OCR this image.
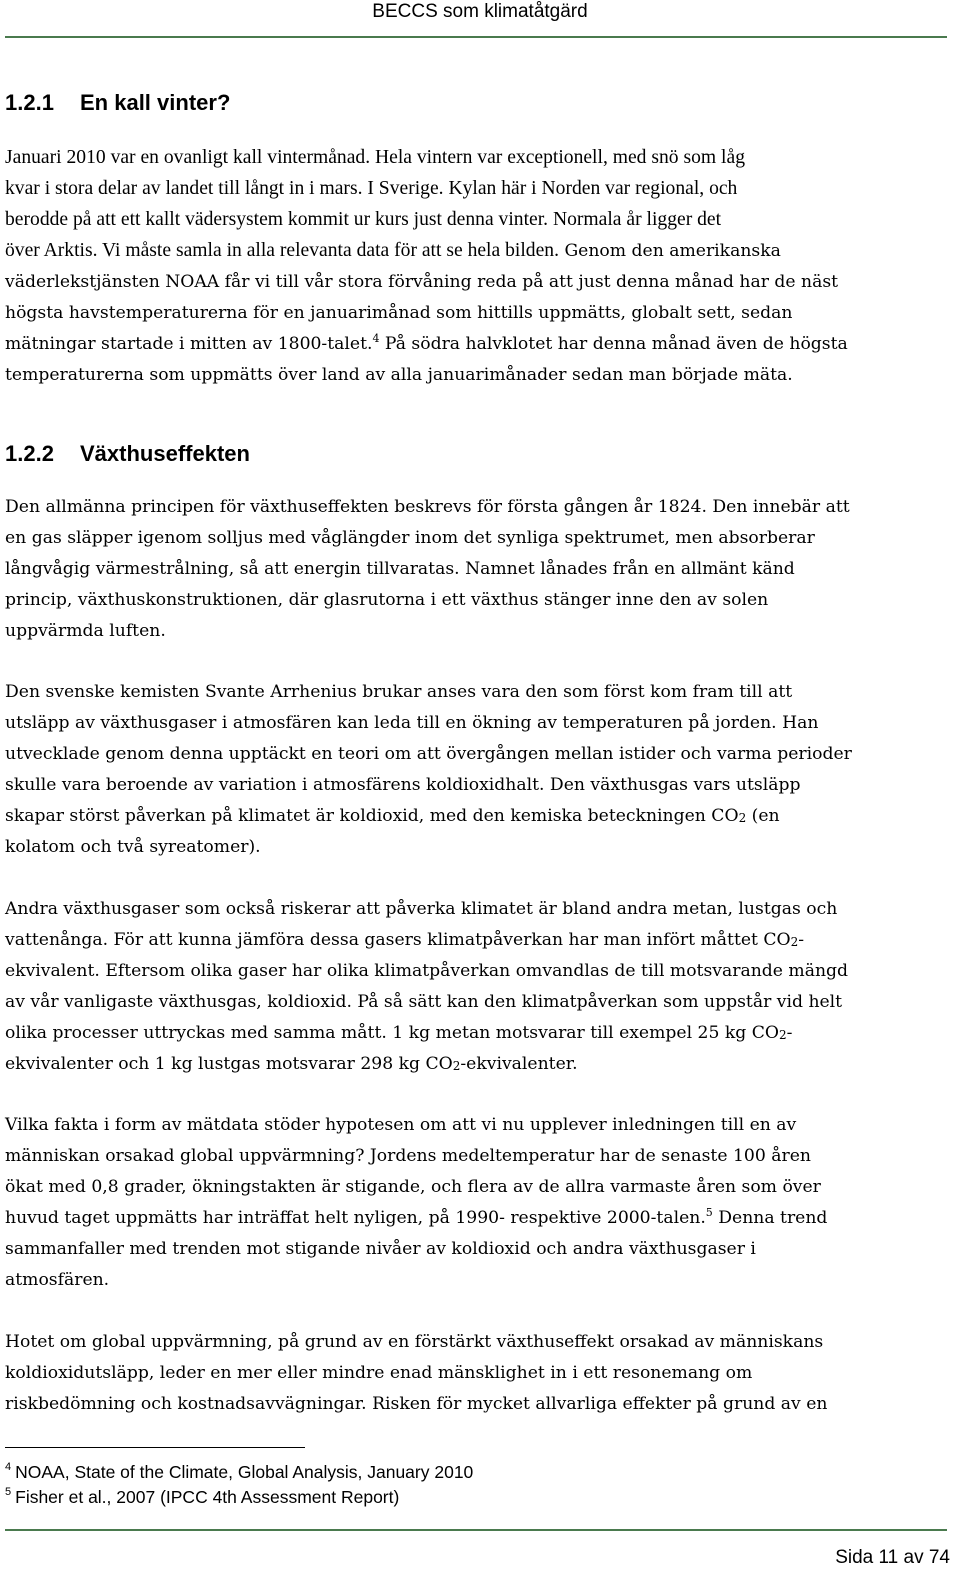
BECCS som klimatåtgärd
1.2.1 En kall vinter?
Januari 2010 var en ovanligt kall vintermånad. Hela vintern var exceptionell, med snö som låg
kvar i stora delar av landet till långt in i mars. I Sverige. Kylan här i Norden var regional, och
berodde på att ett kallt vädersystem kommit ur kurs just denna vinter. Normala år ligger det
över Arktis. Vi måste samla in alla relevanta data för att se hela bilden. Genom den amerikanska
väderlekstjänsten NOAA får vi till vår stora förvåning reda på att just denna månad har de näst
högsta havstemperaturerna för en januarimånad som hittills uppmätts, globalt sett, sedan
mätningar startade i mitten av 1800-talet.$^4$ På södra halvklotet har denna månad även de högsta
temperaturerna som uppmätts över land av alla januarimånader sedan man började mäta.
1.2.2 Växthuseffekten
Den allmänna principen för växthuseffekten beskrevs för första gången år 1824. Den innebär att
en gas släpper igenom solljus med våglängder inom det synliga spektrumet, men absorberar
långvågig värmestrålning, så att energin tillvaratas. Namnet lånades från en allmänt känd
princip, växthuskonstruktionen, där glasrutorna i ett växthus stänger inne den av solen
uppvärmda luften.
Den svenske kemisten Svante Arrhenius brukar anses vara den som först kom fram till att
utsläpp av växthusgaser i atmosfären kan leda till en ökning av temperaturen på jorden. Han
utvecklade genom denna upptäckt en teori om att övergången mellan istider och varma perioder
skulle vara beroende av variation i atmosfärens koldioxidhalt. Den växthusgas vars utsläpp
skapar störst påverkan på klimatet är koldioxid, med den kemiska beteckningen $CO_2$ (en
kolatom och två syreatomer).
Andra växthusgaser som också riskerar att påverka klimatet är bland andra metan, lustgas och
vattenånga. För att kunna jämföra dessa gasers klimatpåverkan har man infört måttet $CO_2-$
ekvivalent. Eftersom olika gaser har olika klimatpåverkan omvandlas de till motsvarande mängd
av vår vanligaste växthusgas, koldioxid. På så sätt kan den klimatpåverkan som uppstår vid helt
olika processer uttryckas med samma mått. 1 kg metan motsvarar till exempel 25 kg $CO_2-$
ekvivalenter och 1 kg lustgas motsvarar 298 kg $CO_2$-ekvivalenter.
Vilka fakta i form av mätdata stöder hypotesen om att vi nu upplever inledningen till en av
människan orsakad global uppvärmning? Jordens medeltemperatur har de senaste 100 åren
ökat med 0,8 grader, ökningstakten är stigande, och flera av de allra varmaste åren som över
huvud taget uppmätts har inträffat helt nyligen, på 1990- respektive 2000-talen.$^5$ Denna trend
sammanfaller med trenden mot stigande nivåer av koldioxid och andra växthusgaser i
atmosfären.
Hotet om global uppvärmning, på grund av en förstärkt växthuseffekt orsakad av människans
koldioxidutsläpp, leder en mer eller mindre enad mänsklighet in i ett resonemang om
riskbedömning och kostnadsavvägningar. Risken för mycket allvarliga effekter på grund av en
$^4$ NOAA, State of the Climate, Global Analysis, January 2010
$^5$ Fisher et al., 2007 (IPCC 4th Assessment Report)
Sida 11 av 74
